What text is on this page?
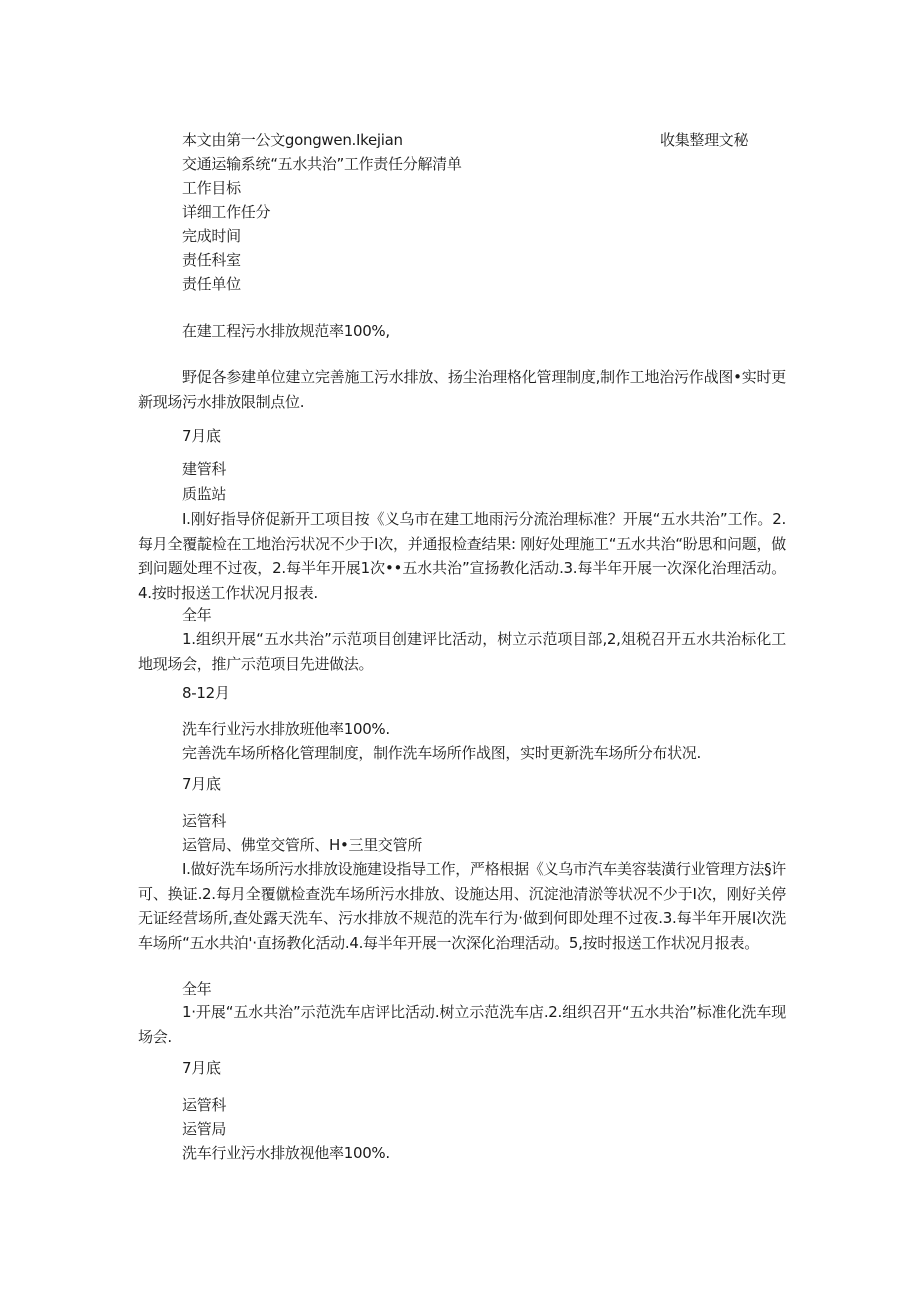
本文由第一公文gongwen.Ikejian	收集整理文秘
交通运输系统“五水共治”工作责任分解清单
工作目标
详细工作任分
完成时间
责任科室
责任单位
在建工程污水排放规范率100%,
野促各参建单位建立完善施工污水排放、扬尘治理格化管理制度,制作工地治污作战图•实时更新现场污水排放限制点位.
7月底
建管科
质监站
I.刚好指导侪促新开工项目按《义乌市在建工地雨污分流治理标准？开展“五水共治”工作。2.每月全覆靛检在工地治污状况不少于I次，并通报检查结果: 刚好处理施工“五水共治“盼思和问题，做到问题处理不过夜，2.每半年开展1次••五水共治”宣扬教化活动.3.每半年开展一次深化治理活动。4.按时报送工作状况月报表.
全年
1.组织开展“五水共治”示范项目创建评比活动，树立示范项目部,2,俎税召开五水共治标化工地现场会，推广示范项目先进做法。
8-12月
洗车行业污水排放班他率100%.
完善洗车场所格化管理制度，制作洗车场所作战图，实时更新洗车场所分布状况.
7月底
运管科
运管局、佛堂交管所、H•三里交管所
I.做好洗车场所污水排放设施建设指导工作，严格根据《义乌市汽车美容装潢行业管理方法§许可、换证.2.每月全覆僦检查洗车场所污水排放、设施达用、沉淀池清淤等状况不少于I次，刚好关停无证经营场所,查处露天洗车、污水排放不规范的洗车行为·做到何即处理不过夜.3.每半年开展I次洗车场所“五水共泊'·直扬教化活动.4.每半年开展一次深化治理活动。5,按时报送工作状况月报表。
全年
1·开展“五水共治”示范洗车店评比活动.树立示范洗车店.2.组织召开“五水共治”标准化洗车现场会.
7月底
运管科
运管局
洗车行业污水排放视他率100%.
